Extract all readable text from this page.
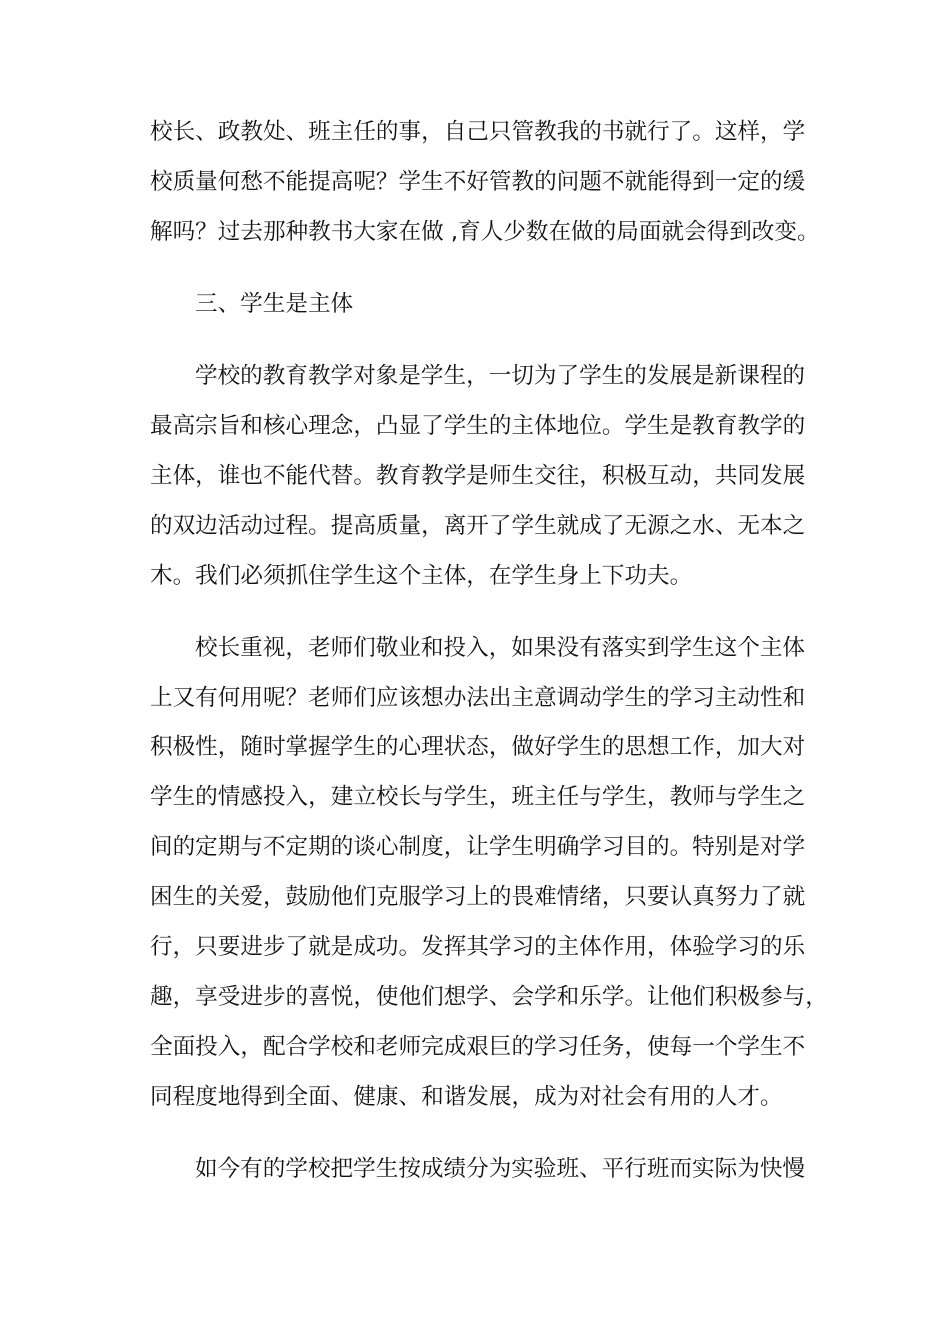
校长、政教处、班主任的事，自己只管教我的书就行了。这样，学
校质量何愁不能提高呢？学生不好管教的问题不就能得到一定的缓
解吗？过去那种教书大家在做 ,育人少数在做的局面就会得到改变。
三、学生是主体
学校的教育教学对象是学生，一切为了学生的发展是新课程的
最高宗旨和核心理念，凸显了学生的主体地位。学生是教育教学的
主体，谁也不能代替。教育教学是师生交往，积极互动，共同发展
的双边活动过程。提高质量，离开了学生就成了无源之水、无本之
木。我们必须抓住学生这个主体，在学生身上下功夫。
校长重视，老师们敬业和投入，如果没有落实到学生这个主体
上又有何用呢？老师们应该想办法出主意调动学生的学习主动性和
积极性，随时掌握学生的心理状态，做好学生的思想工作，加大对
学生的情感投入，建立校长与学生，班主任与学生，教师与学生之
间的定期与不定期的谈心制度，让学生明确学习目的。特别是对学
困生的关爱，鼓励他们克服学习上的畏难情绪，只要认真努力了就
行，只要进步了就是成功。发挥其学习的主体作用，体验学习的乐
趣，享受进步的喜悦，使他们想学、会学和乐学。让他们积极参与，
全面投入，配合学校和老师完成艰巨的学习任务，使每一个学生不
同程度地得到全面、健康、和谐发展，成为对社会有用的人才。
如今有的学校把学生按成绩分为实验班、平行班而实际为快慢
